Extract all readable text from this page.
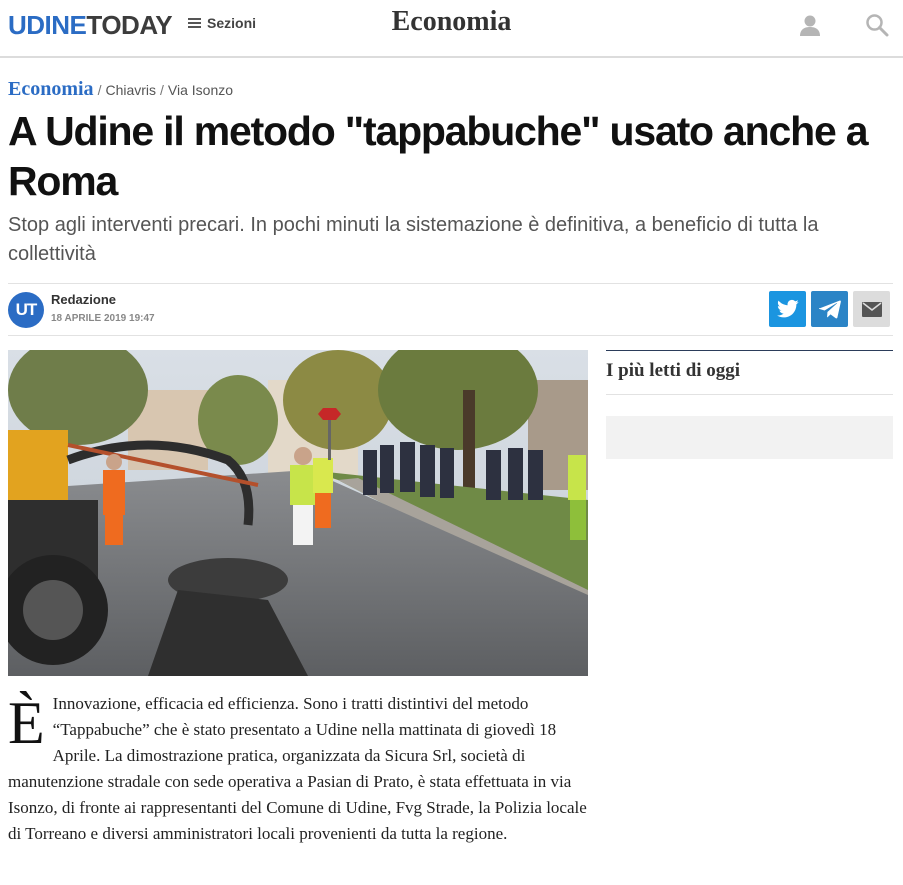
UDINETODAY Sezioni	Economia
Economia / Chiavris / Via Isonzo
A Udine il metodo "tappabuche" usato anche a Roma

Stop agli interventi precari. In pochi minuti la sistemazione è definitiva, a beneficio di tutta la collettività

UT
Redazione
18 APRILE 2019 19:47

È Innovazione, efficacia ed efficienza. Sono i tratti distintivi del metodo “Tappabuche” che è stato presentato a Udine nella mattinata di giovedì 18 Aprile. La dimostrazione pratica, organizzata da Sicura Srl, società di manutenzione stradale con sede operativa a Pasian di Prato, è stata effettuata in via Isonzo, di fronte ai rappresentanti del Comune di Udine, Fvg Strade, la Polizia locale di Torreano e diversi amministratori locali provenienti da tutta la regione.

I più letti di oggi
